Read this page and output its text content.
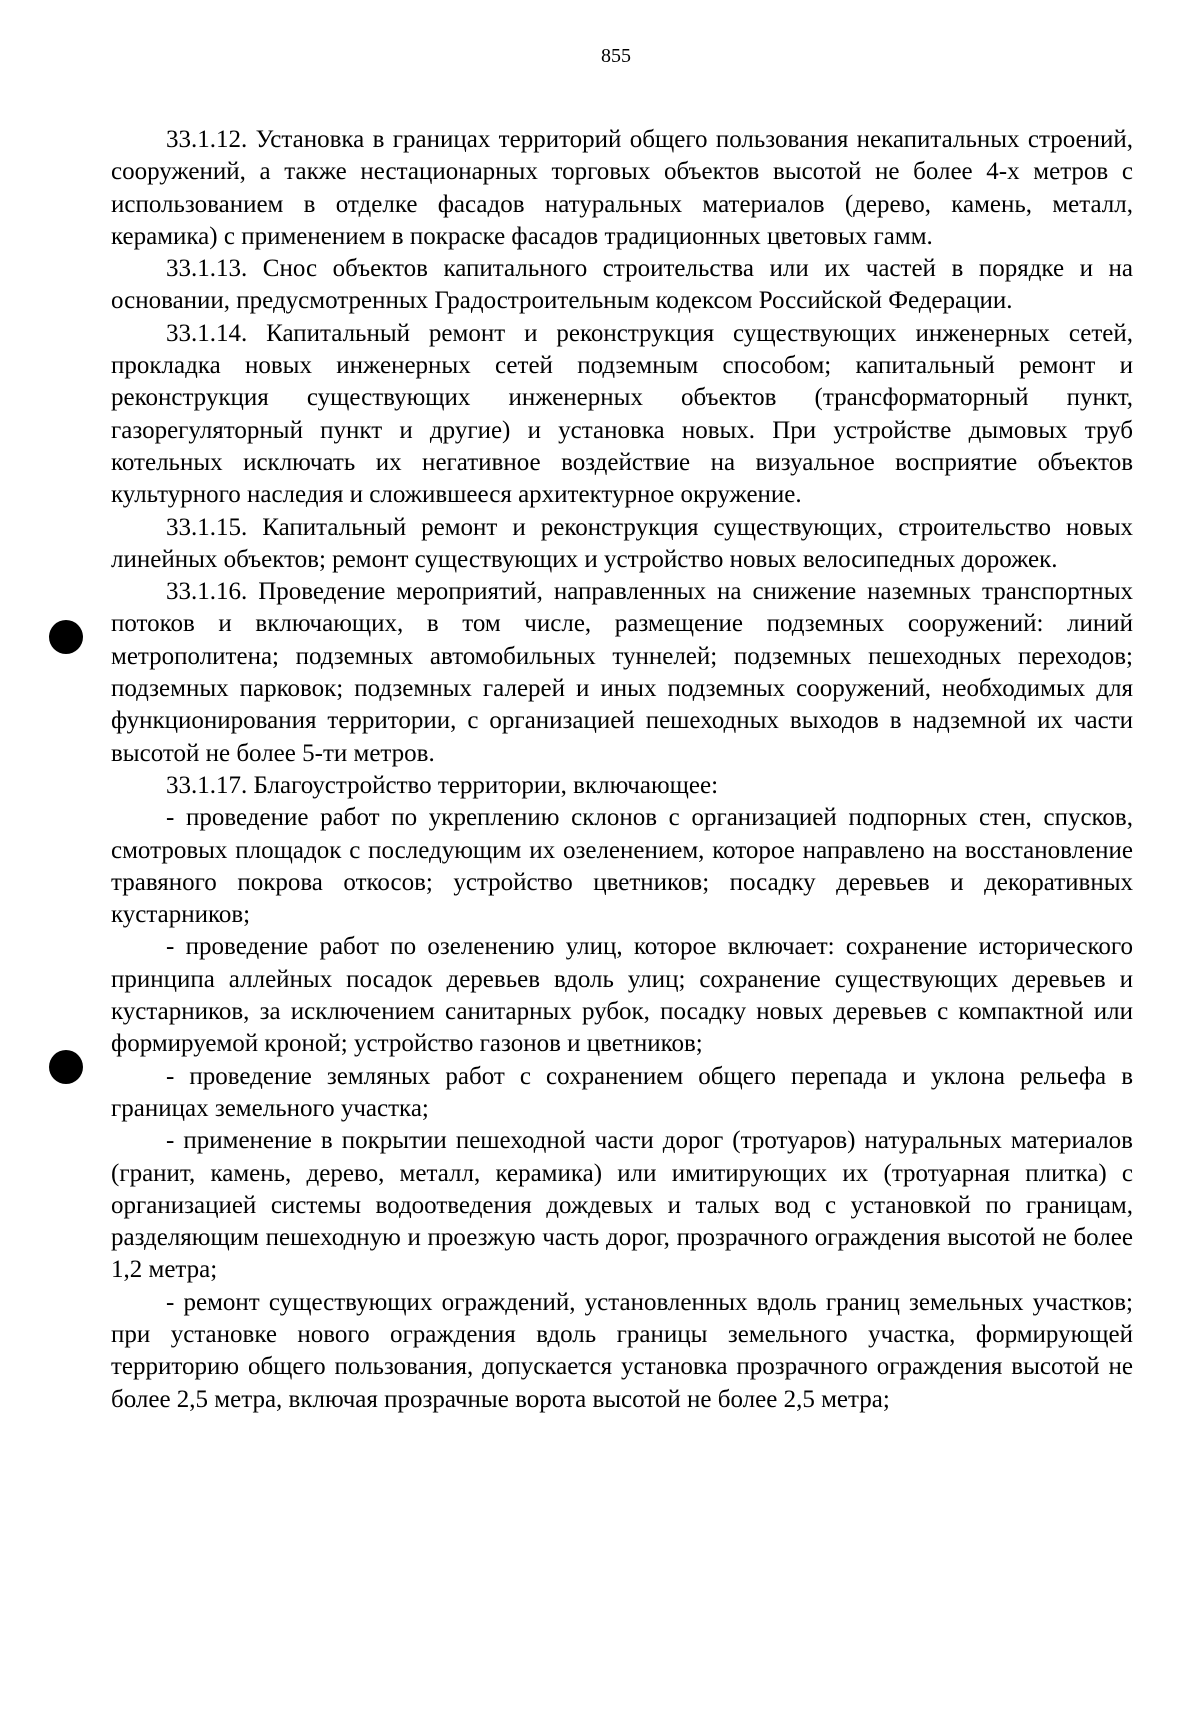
855

33.1.12. Установка в границах территорий общего пользования некапитальных строений, сооружений, а также нестационарных торговых объектов высотой не более 4-х метров с использованием в отделке фасадов натуральных материалов (дерево, камень, металл, керамика) с применением в покраске фасадов традиционных цветовых гамм.

33.1.13. Снос объектов капитального строительства или их частей в порядке и на основании, предусмотренных Градостроительным кодексом Российской Федерации.

33.1.14. Капитальный ремонт и реконструкция существующих инженерных сетей, прокладка новых инженерных сетей подземным способом; капитальный ремонт и реконструкция существующих инженерных объектов (трансформаторный пункт, газорегуляторный пункт и другие) и установка новых. При устройстве дымовых труб котельных исключать их негативное воздействие на визуальное восприятие объектов культурного наследия и сложившееся архитектурное окружение.

33.1.15. Капитальный ремонт и реконструкция существующих, строительство новых линейных объектов; ремонт существующих и устройство новых велосипедных дорожек.

33.1.16. Проведение мероприятий, направленных на снижение наземных транспортных потоков и включающих, в том числе, размещение подземных сооружений: линий метрополитена; подземных автомобильных туннелей; подземных пешеходных переходов; подземных парковок; подземных галерей и иных подземных сооружений, необходимых для функционирования территории, с организацией пешеходных выходов в надземной их части высотой не более 5-ти метров.

33.1.17. Благоустройство территории, включающее:

- проведение работ по укреплению склонов с организацией подпорных стен, спусков, смотровых площадок с последующим их озеленением, которое направлено на восстановление травяного покрова откосов; устройство цветников; посадку деревьев и декоративных кустарников;

- проведение работ по озеленению улиц, которое включает: сохранение исторического принципа аллейных посадок деревьев вдоль улиц; сохранение существующих деревьев и кустарников, за исключением санитарных рубок, посадку новых деревьев с компактной или формируемой кроной; устройство газонов и цветников;

- проведение земляных работ с сохранением общего перепада и уклона рельефа в границах земельного участка;

- применение в покрытии пешеходной части дорог (тротуаров) натуральных материалов (гранит, камень, дерево, металл, керамика) или имитирующих их (тротуарная плитка) с организацией системы водоотведения дождевых и талых вод с установкой по границам, разделяющим пешеходную и проезжую часть дорог, прозрачного ограждения высотой не более 1,2 метра;

- ремонт существующих ограждений, установленных вдоль границ земельных участков; при установке нового ограждения вдоль границы земельного участка, формирующей территорию общего пользования, допускается установка прозрачного ограждения высотой не более 2,5 метра, включая прозрачные ворота высотой не более 2,5 метра;
